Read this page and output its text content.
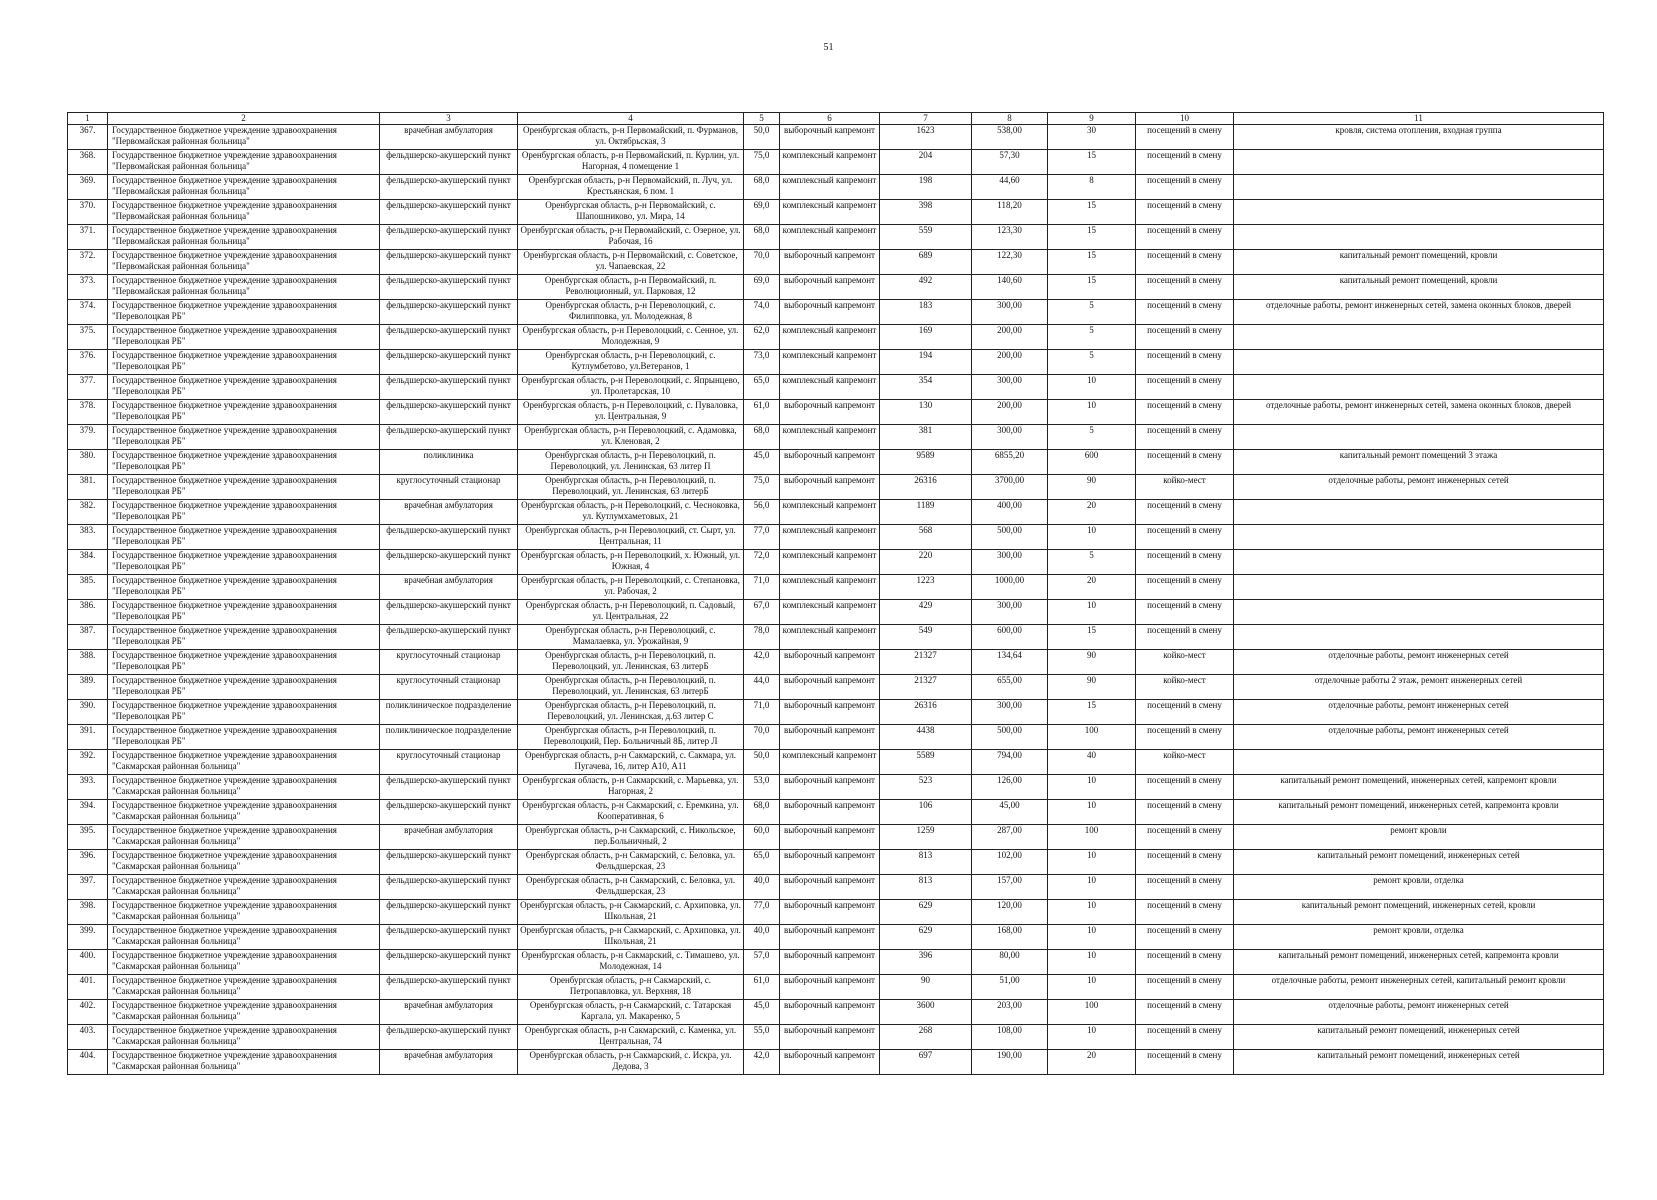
51
1	2	3	4	5	6	7	8	9	10	11
367.	Государственное бюджетное учреждение здравоохранения "Первомайская районная больница"	врачебная амбулатория	Оренбургская область, р-н Первомайский, п. Фурманов, ул. Октябрьская, 3	50,0	выборочный капремонт	1623	538,00	30	посещений в смену	кровля, система отопления, входная группа
368.	Государственное бюджетное учреждение здравоохранения "Первомайская районная больница"	фельдшерско-акушерский пункт	Оренбургская область, р-н Первомайский, п. Курлин, ул. Нагорная, 4 помещение 1	75,0	комплексный капремонт	204	57,30	15	посещений в смену	
369.	Государственное бюджетное учреждение здравоохранения "Первомайская районная больница"	фельдшерско-акушерский пункт	Оренбургская область, р-н Первомайский, п. Луч, ул. Крестьянская, 6 пом. 1	68,0	комплексный капремонт	198	44,60	8	посещений в смену	
370.	Государственное бюджетное учреждение здравоохранения "Первомайская районная больница"	фельдшерско-акушерский пункт	Оренбургская область, р-н Первомайский, с. Шапошниково, ул. Мира, 14	69,0	комплексный капремонт	398	118,20	15	посещений в смену	
371.	Государственное бюджетное учреждение здравоохранения "Первомайская районная больница"	фельдшерско-акушерский пункт	Оренбургская область, р-н Первомайский, с. Озерное, ул. Рабочая, 16	68,0	комплексный капремонт	559	123,30	15	посещений в смену	
372.	Государственное бюджетное учреждение здравоохранения "Первомайская районная больница"	фельдшерско-акушерский пункт	Оренбургская область, р-н Первомайский, с. Советское, ул. Чапаевская, 22	70,0	выборочный капремонт	689	122,30	15	посещений в смену	капитальный ремонт помещений, кровли
373.	Государственное бюджетное учреждение здравоохранения "Первомайская районная больница"	фельдшерско-акушерский пункт	Оренбургская область, р-н Первомайский, п. Революционный, ул. Парковая, 12	69,0	выборочный капремонт	492	140,60	15	посещений в смену	капитальный ремонт помещений, кровли
374.	Государственное бюджетное учреждение здравоохранения "Переволоцкая РБ"	фельдшерско-акушерский пункт	Оренбургская область, р-н Переволоцкий, с. Филипповка, ул. Молодежная, 8	74,0	выборочный капремонт	183	300,00	5	посещений в смену	отделочные работы, ремонт инженерных сетей, замена оконных блоков, дверей
375.	Государственное бюджетное учреждение здравоохранения "Переволоцкая РБ"	фельдшерско-акушерский пункт	Оренбургская область, р-н Переволоцкий, с. Сенное, ул. Молодежная, 9	62,0	комплексный капремонт	169	200,00	5	посещений в смену	
376.	Государственное бюджетное учреждение здравоохранения "Переволоцкая РБ"	фельдшерско-акушерский пункт	Оренбургская область, р-н Переволоцкий, с. Кутлумбетово, ул.Ветеранов, 1	73,0	комплексный капремонт	194	200,00	5	посещений в смену	
377.	Государственное бюджетное учреждение здравоохранения "Переволоцкая РБ"	фельдшерско-акушерский пункт	Оренбургская область, р-н Переволоцкий, с. Япрынцево, ул. Пролетарская, 10	65,0	комплексный капремонт	354	300,00	10	посещений в смену	
378.	Государственное бюджетное учреждение здравоохранения "Переволоцкая РБ"	фельдшерско-акушерский пункт	Оренбургская область, р-н Переволоцкий, с. Пуваловка, ул. Центральная, 9	61,0	выборочный капремонт	130	200,00	10	посещений в смену	отделочные работы, ремонт инженерных сетей, замена оконных блоков, дверей
379.	Государственное бюджетное учреждение здравоохранения "Переволоцкая РБ"	фельдшерско-акушерский пункт	Оренбургская область, р-н Переволоцкий, с. Адамовка, ул. Кленовая, 2	68,0	комплексный капремонт	381	300,00	5	посещений в смену	
380.	Государственное бюджетное учреждение здравоохранения "Переволоцкая РБ"	поликлиника	Оренбургская область, р-н Переволоцкий, п. Переволоцкий, ул. Ленинская, 63 литер П	45,0	выборочный капремонт	9589	6855,20	600	посещений в смену	капитальный ремонт помещений 3 этажа
381.	Государственное бюджетное учреждение здравоохранения "Переволоцкая РБ"	круглосуточный стационар	Оренбургская область, р-н Переволоцкий, п. Переволоцкий, ул. Ленинская, 63 литерБ	75,0	выборочный капремонт	26316	3700,00	90	койко-мест	отделочные работы, ремонт инженерных сетей
382.	Государственное бюджетное учреждение здравоохранения "Переволоцкая РБ"	врачебная амбулатория	Оренбургская область, р-н Переволоцкий, с. Чесноковка, ул. Кутлумхаметовых, 21	56,0	комплексный капремонт	1189	400,00	20	посещений в смену	
383.	Государственное бюджетное учреждение здравоохранения "Переволоцкая РБ"	фельдшерско-акушерский пункт	Оренбургская область, р-н Переволоцкий, ст. Сырт, ул. Центральная, 11	77,0	комплексный капремонт	568	500,00	10	посещений в смену	
384.	Государственное бюджетное учреждение здравоохранения "Переволоцкая РБ"	фельдшерско-акушерский пункт	Оренбургская область, р-н Переволоцкий, х. Южный, ул. Южная, 4	72,0	комплексный капремонт	220	300,00	5	посещений в смену	
385.	Государственное бюджетное учреждение здравоохранения "Переволоцкая РБ"	врачебная амбулатория	Оренбургская область, р-н Переволоцкий, с. Степановка, ул. Рабочая, 2	71,0	комплексный капремонт	1223	1000,00	20	посещений в смену	
386.	Государственное бюджетное учреждение здравоохранения "Переволоцкая РБ"	фельдшерско-акушерский пункт	Оренбургская область, р-н Переволоцкий, п. Садовый, ул. Центральная, 22	67,0	комплексный капремонт	429	300,00	10	посещений в смену	
387.	Государственное бюджетное учреждение здравоохранения "Переволоцкая РБ"	фельдшерско-акушерский пункт	Оренбургская область, р-н Переволоцкий, с. Мамалаевка, ул. Урожайная, 9	78,0	комплексный капремонт	549	600,00	15	посещений в смену	
388.	Государственное бюджетное учреждение здравоохранения "Переволоцкая РБ"	круглосуточный стационар	Оренбургская область, р-н Переволоцкий, п. Переволоцкий, ул. Ленинская, 63 литерБ	42,0	выборочный капремонт	21327	134,64	90	койко-мест	отделочные работы, ремонт инженерных сетей
389.	Государственное бюджетное учреждение здравоохранения "Переволоцкая РБ"	круглосуточный стационар	Оренбургская область, р-н Переволоцкий, п. Переволоцкий, ул. Ленинская, 63 литерБ	44,0	выборочный капремонт	21327	655,00	90	койко-мест	отделочные работы 2 этаж, ремонт инженерных сетей
390.	Государственное бюджетное учреждение здравоохранения "Переволоцкая РБ"	поликлиническое подразделение	Оренбургская область, р-н Переволоцкий, п. Переволоцкий, ул. Ленинская, д.63 литер С	71,0	выборочный капремонт	26316	300,00	15	посещений в смену	отделочные работы, ремонт инженерных сетей
391.	Государственное бюджетное учреждение здравоохранения "Переволоцкая РБ"	поликлиническое подразделение	Оренбургская область, р-н Переволоцкий, п. Переволоцкий, Пер. Больничный 8Б, литер Л	70,0	выборочный капремонт	4438	500,00	100	посещений в смену	отделочные работы, ремонт инженерных сетей
392.	Государственное бюджетное учреждение здравоохранения "Сакмарская районная больница"	круглосуточный стационар	Оренбургская область, р-н Сакмарский, с. Сакмара, ул. Пугачева, 16, литер А10, А11	50,0	комплексный капремонт	5589	794,00	40	койко-мест	
393.	Государственное бюджетное учреждение здравоохранения "Сакмарская районная больница"	фельдшерско-акушерский пункт	Оренбургская область, р-н Сакмарский, с. Марьевка, ул. Нагорная, 2	53,0	выборочный капремонт	523	126,00	10	посещений в смену	капитальный ремонт помещений, инженерных сетей, капремонт кровли
394.	Государственное бюджетное учреждение здравоохранения "Сакмарская районная больница"	фельдшерско-акушерский пункт	Оренбургская область, р-н Сакмарский, с. Еремкина, ул. Кооперативная, 6	68,0	выборочный капремонт	106	45,00	10	посещений в смену	капитальный ремонт помещений, инженерных сетей, капремонта кровли
395.	Государственное бюджетное учреждение здравоохранения "Сакмарская районная больница"	врачебная амбулатория	Оренбургская область, р-н Сакмарский, с. Никольское, пер.Больничный, 2	60,0	выборочный капремонт	1259	287,00	100	посещений в смену	ремонт кровли
396.	Государственное бюджетное учреждение здравоохранения "Сакмарская районная больница"	фельдшерско-акушерский пункт	Оренбургская область, р-н Сакмарский, с. Беловка, ул. Фельдшерская, 23	65,0	выборочный капремонт	813	102,00	10	посещений в смену	капитальный ремонт помещений, инженерных сетей
397.	Государственное бюджетное учреждение здравоохранения "Сакмарская районная больница"	фельдшерско-акушерский пункт	Оренбургская область, р-н Сакмарский, с. Беловка, ул. Фельдшерская, 23	40,0	выборочный капремонт	813	157,00	10	посещений в смену	ремонт кровли, отделка
398.	Государственное бюджетное учреждение здравоохранения "Сакмарская районная больница"	фельдшерско-акушерский пункт	Оренбургская область, р-н Сакмарский, с. Архиповка, ул. Школьная, 21	77,0	выборочный капремонт	629	120,00	10	посещений в смену	капитальный ремонт помещений, инженерных сетей, кровли
399.	Государственное бюджетное учреждение здравоохранения "Сакмарская районная больница"	фельдшерско-акушерский пункт	Оренбургская область, р-н Сакмарский, с. Архиповка, ул. Школьная, 21	40,0	выборочный капремонт	629	168,00	10	посещений в смену	ремонт кровли, отделка
400.	Государственное бюджетное учреждение здравоохранения "Сакмарская районная больница"	фельдшерско-акушерский пункт	Оренбургская область, р-н Сакмарский, с. Тимашево, ул. Молодежная, 14	57,0	выборочный капремонт	396	80,00	10	посещений в смену	капитальный ремонт помещений, инженерных сетей, капремонта кровли
401.	Государственное бюджетное учреждение здравоохранения "Сакмарская районная больница"	фельдшерско-акушерский пункт	Оренбургская область, р-н Сакмарский, с. Петропавловка, ул. Верхняя, 18	61,0	выборочный капремонт	90	51,00	10	посещений в смену	отделочные работы, ремонт инженерных сетей, капитальный ремонт кровли
402.	Государственное бюджетное учреждение здравоохранения "Сакмарская районная больница"	врачебная амбулатория	Оренбургская область, р-н Сакмарский, с. Татарская Каргала, ул. Макаренко, 5	45,0	выборочный капремонт	3600	203,00	100	посещений в смену	отделочные работы, ремонт инженерных сетей
403.	Государственное бюджетное учреждение здравоохранения "Сакмарская районная больница"	фельдшерско-акушерский пункт	Оренбургская область, р-н Сакмарский, с. Каменка, ул. Центральная, 74	55,0	выборочный капремонт	268	108,00	10	посещений в смену	капитальный ремонт помещений, инженерных сетей
404.	Государственное бюджетное учреждение здравоохранения "Сакмарская районная больница"	врачебная амбулатория	Оренбургская область, р-н Сакмарский, с. Искра, ул. Дедова, 3	42,0	выборочный капремонт	697	190,00	20	посещений в смену	капитальный ремонт помещений, инженерных сетей
